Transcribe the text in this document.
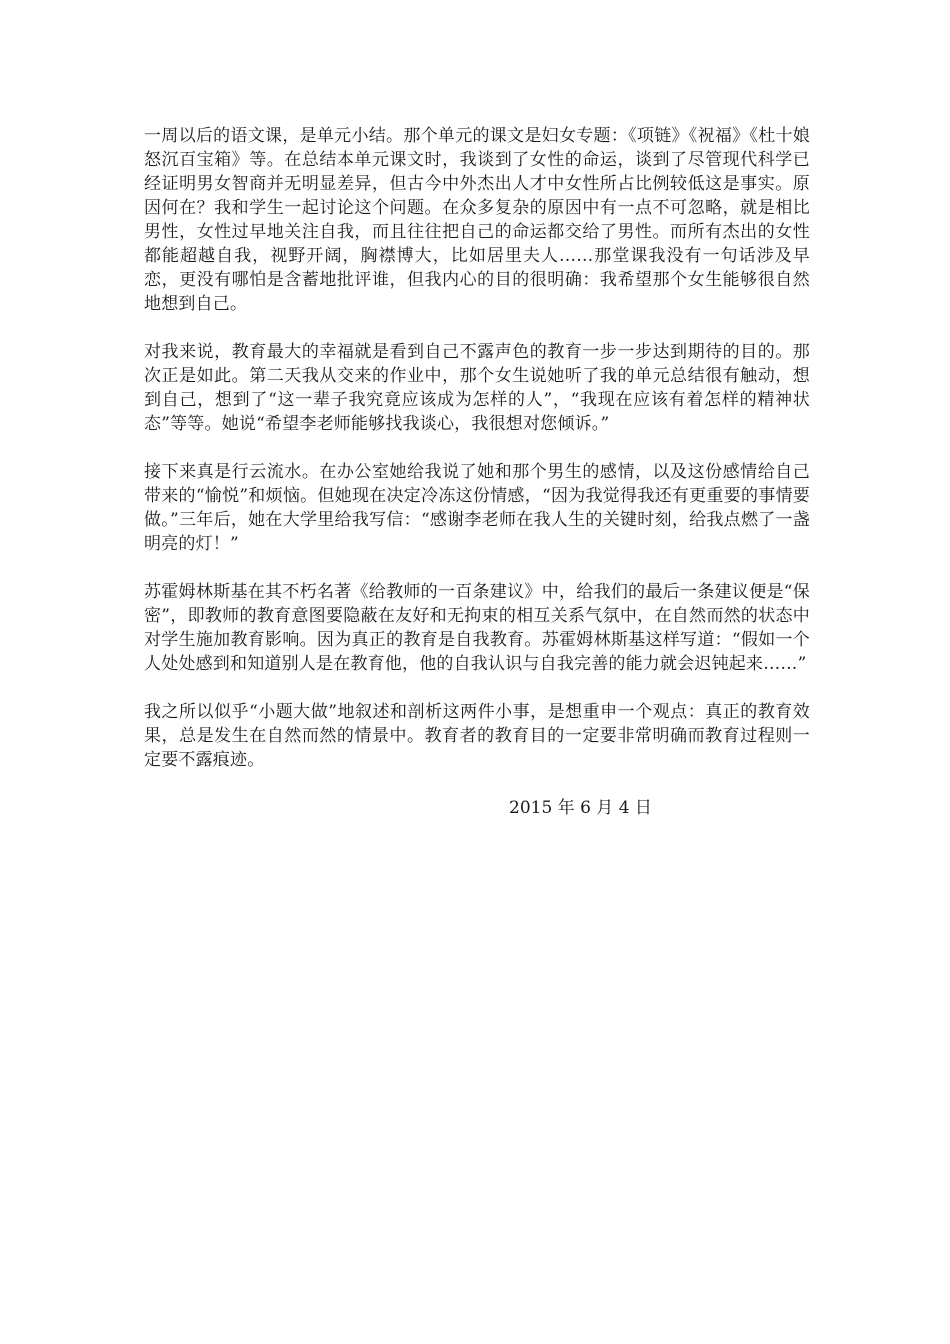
一周以后的语文课，是单元小结。那个单元的课文是妇女专题：《项链》《祝福》《杜十娘怒沉百宝箱》等。在总结本单元课文时，我谈到了女性的命运，谈到了尽管现代科学已经证明男女智商并无明显差异，但古今中外杰出人才中女性所占比例较低这是事实。原因何在？我和学生一起讨论这个问题。在众多复杂的原因中有一点不可忽略，就是相比男性，女性过早地关注自我，而且往往把自己的命运都交给了男性。而所有杰出的女性都能超越自我，视野开阔，胸襟博大，比如居里夫人……那堂课我没有一句话涉及早恋，更没有哪怕是含蓄地批评谁，但我内心的目的很明确：我希望那个女生能够很自然地想到自己。

对我来说，教育最大的幸福就是看到自己不露声色的教育一步一步达到期待的目的。那次正是如此。第二天我从交来的作业中，那个女生说她听了我的单元总结很有触动，想到自己，想到了“这一辈子我究竟应该成为怎样的人”，“我现在应该有着怎样的精神状态”等等。她说“希望李老师能够找我谈心，我很想对您倾诉。”

接下来真是行云流水。在办公室她给我说了她和那个男生的感情，以及这份感情给自己带来的“愉悦”和烦恼。但她现在决定冷冻这份情感，“因为我觉得我还有更重要的事情要做。”三年后，她在大学里给我写信：“感谢李老师在我人生的关键时刻，给我点燃了一盏明亮的灯！”

苏霍姆林斯基在其不朽名著《给教师的一百条建议》中，给我们的最后一条建议便是“保密”，即教师的教育意图要隐蔽在友好和无拘束的相互关系气氛中，在自然而然的状态中对学生施加教育影响。因为真正的教育是自我教育。苏霍姆林斯基这样写道：“假如一个人处处感到和知道别人是在教育他，他的自我认识与自我完善的能力就会迟钝起来……”

我之所以似乎“小题大做”地叙述和剖析这两件小事，是想重申一个观点：真正的教育效果，总是发生在自然而然的情景中。教育者的教育目的一定要非常明确而教育过程则一定要不露痕迹。

2015 年 6 月 4 日
